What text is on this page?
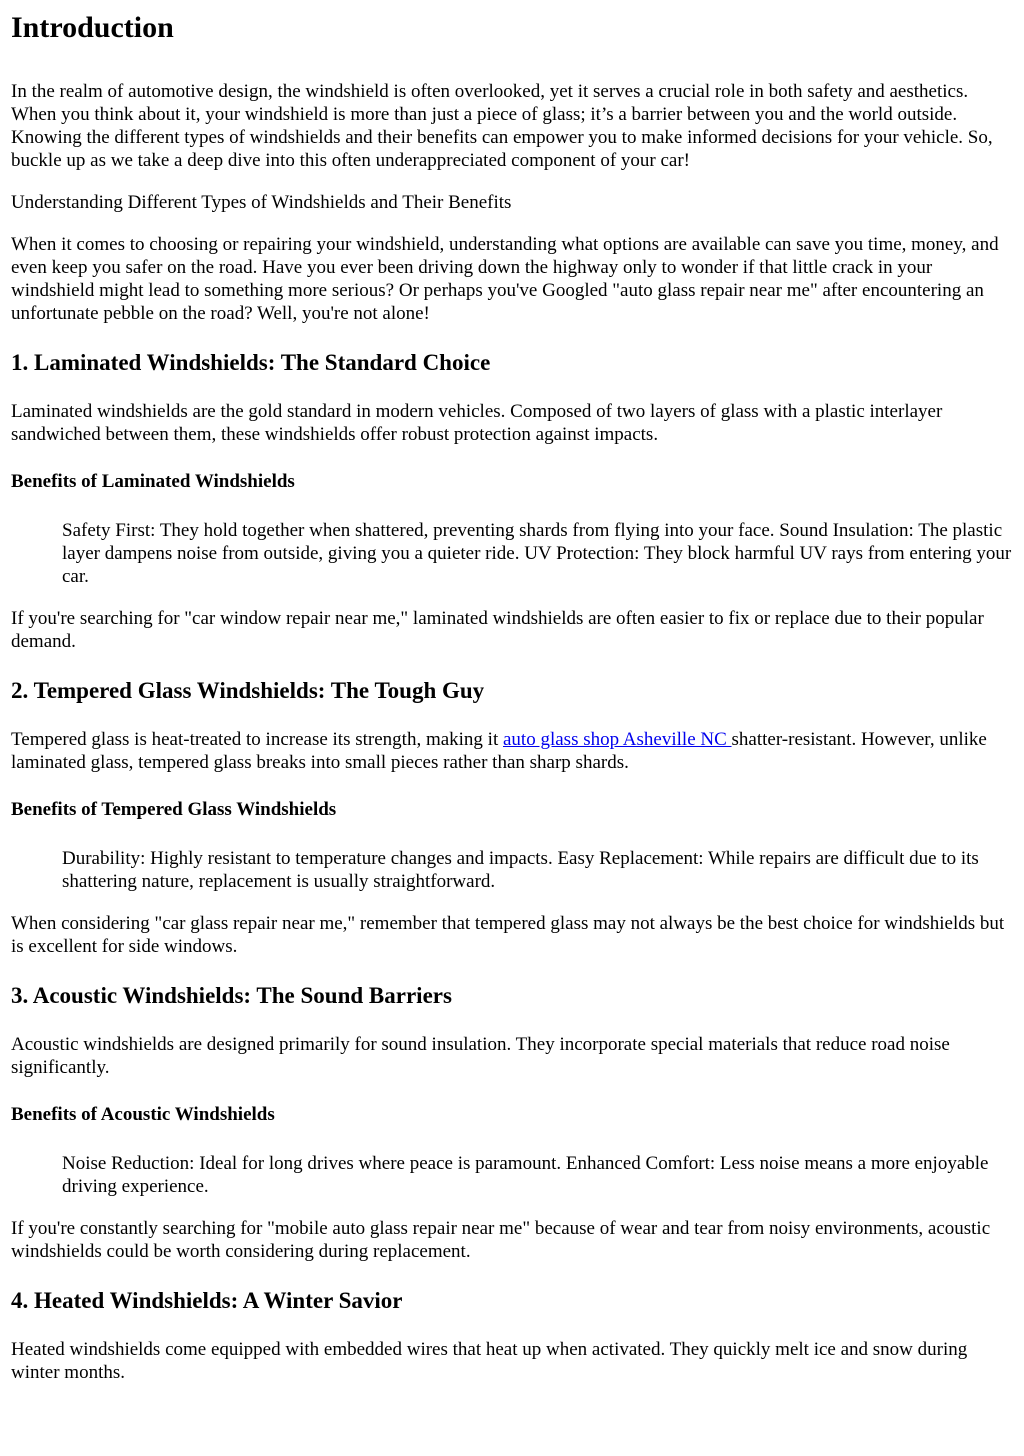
Introduction

In the realm of automotive design, the windshield is often overlooked, yet it serves a crucial role in both safety and aesthetics. When you think about it, your windshield is more than just a piece of glass; it’s a barrier between you and the world outside. Knowing the different types of windshields and their benefits can empower you to make informed decisions for your vehicle. So, buckle up as we take a deep dive into this often underappreciated component of your car!

Understanding Different Types of Windshields and Their Benefits

When it comes to choosing or repairing your windshield, understanding what options are available can save you time, money, and even keep you safer on the road. Have you ever been driving down the highway only to wonder if that little crack in your windshield might lead to something more serious? Or perhaps you've Googled "auto glass repair near me" after encountering an unfortunate pebble on the road? Well, you're not alone!

1. Laminated Windshields: The Standard Choice

Laminated windshields are the gold standard in modern vehicles. Composed of two layers of glass with a plastic interlayer sandwiched between them, these windshields offer robust protection against impacts.

Benefits of Laminated Windshields
Safety First: They hold together when shattered, preventing shards from flying into your face. Sound Insulation: The plastic layer dampens noise from outside, giving you a quieter ride. UV Protection: They block harmful UV rays from entering your car.

If you're searching for "car window repair near me," laminated windshields are often easier to fix or replace due to their popular demand.

2. Tempered Glass Windshields: The Tough Guy

Tempered glass is heat-treated to increase its strength, making it auto glass shop Asheville NC shatter-resistant. However, unlike laminated glass, tempered glass breaks into small pieces rather than sharp shards.

Benefits of Tempered Glass Windshields
Durability: Highly resistant to temperature changes and impacts. Easy Replacement: While repairs are difficult due to its shattering nature, replacement is usually straightforward.

When considering "car glass repair near me," remember that tempered glass may not always be the best choice for windshields but is excellent for side windows.

3. Acoustic Windshields: The Sound Barriers

Acoustic windshields are designed primarily for sound insulation. They incorporate special materials that reduce road noise significantly.

Benefits of Acoustic Windshields
Noise Reduction: Ideal for long drives where peace is paramount. Enhanced Comfort: Less noise means a more enjoyable driving experience.

If you're constantly searching for "mobile auto glass repair near me" because of wear and tear from noisy environments, acoustic windshields could be worth considering during replacement.

4. Heated Windshields: A Winter Savior

Heated windshields come equipped with embedded wires that heat up when activated. They quickly melt ice and snow during winter months.
